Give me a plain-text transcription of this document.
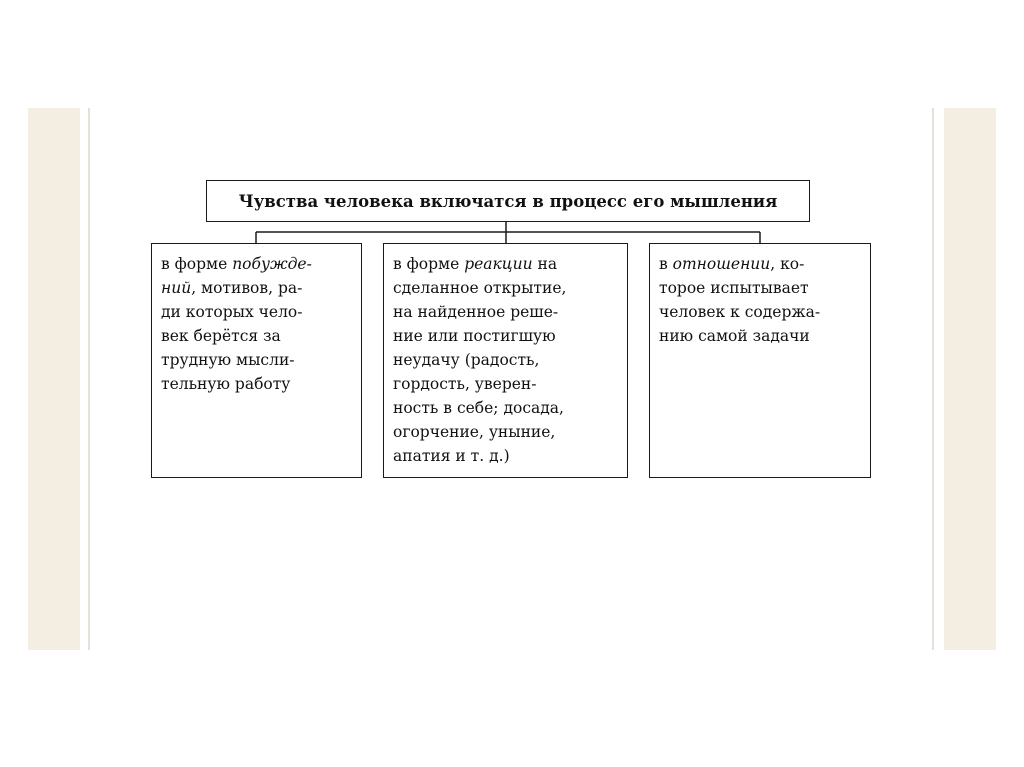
Чувства человека включатся в процесс его мышления
в форме побужде-
ний, мотивов, ра-
ди которых чело-
век берётся за
трудную мысли-
тельную работу
в форме реакции на
сделанное открытие,
на найденное реше-
ние или постигшую
неудачу (радость,
гордость, уверен-
ность в себе; досада,
огорчение, уныние,
апатия и т. д.)
в отношении, ко-
торое испытывает
человек к содержа-
нию самой задачи
